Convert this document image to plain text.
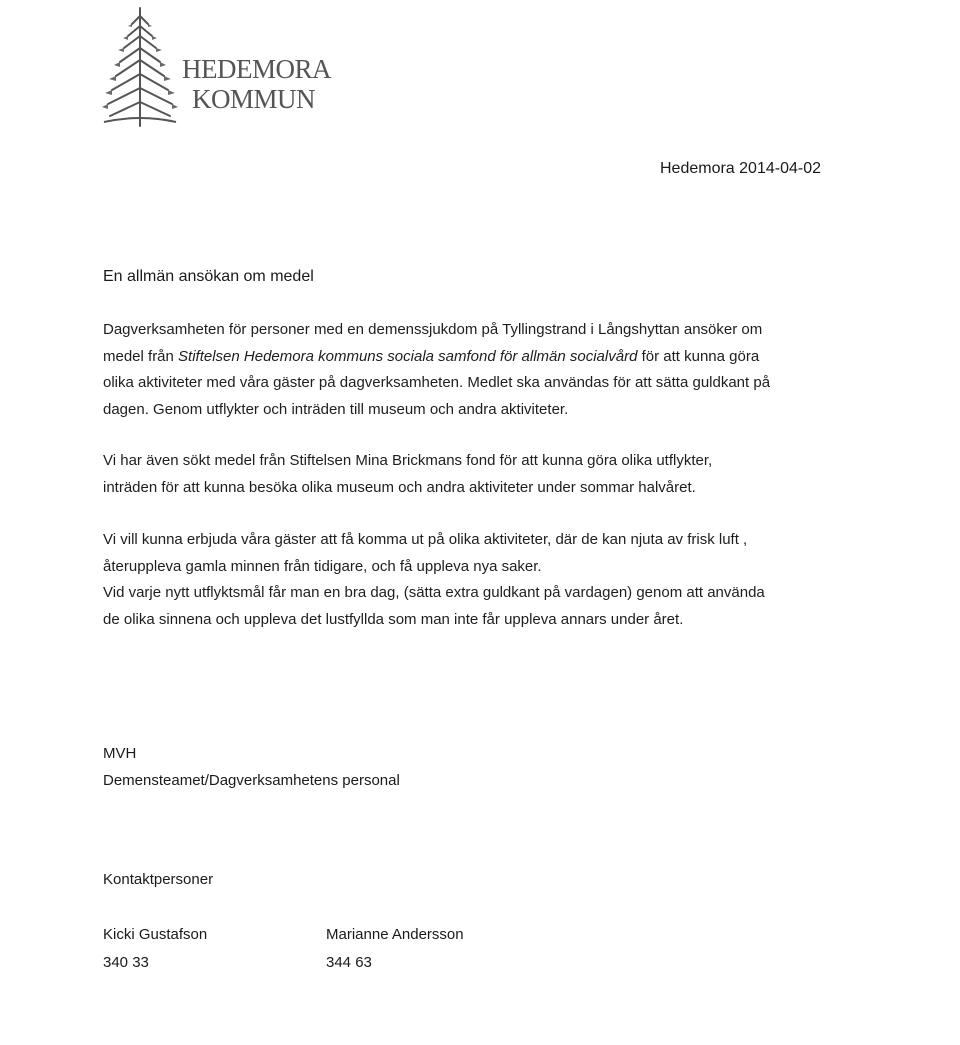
HEDEMORA
KOMMUN
Hedemora 2014-04-02
En allmän ansökan om medel
Dagverksamheten för personer med en demenssjukdom på Tyllingstrand i Långshyttan ansöker om
medel från Stiftelsen Hedemora kommuns sociala samfond för allmän socialvård för att kunna göra
olika aktiviteter med våra gäster på dagverksamheten. Medlet ska användas för att sätta guldkant på
dagen. Genom utflykter och inträden till museum och andra aktiviteter.
Vi har även sökt medel från Stiftelsen Mina Brickmans fond för att kunna göra olika utflykter,
inträden för att kunna besöka olika museum och andra aktiviteter under sommar halvåret.
Vi vill kunna erbjuda våra gäster att få komma ut på olika aktiviteter, där de kan njuta av frisk luft ,
återuppleva gamla minnen från tidigare, och få uppleva nya saker.
Vid varje nytt utflyktsmål får man en bra dag, (sätta extra guldkant på vardagen) genom att använda
de olika sinnena och uppleva det lustfyllda som man inte får uppleva annars under året.
MVH
Demensteamet/Dagverksamhetens personal
Kontaktpersoner
Kicki Gustafson
340 33
Marianne Andersson
344 63
